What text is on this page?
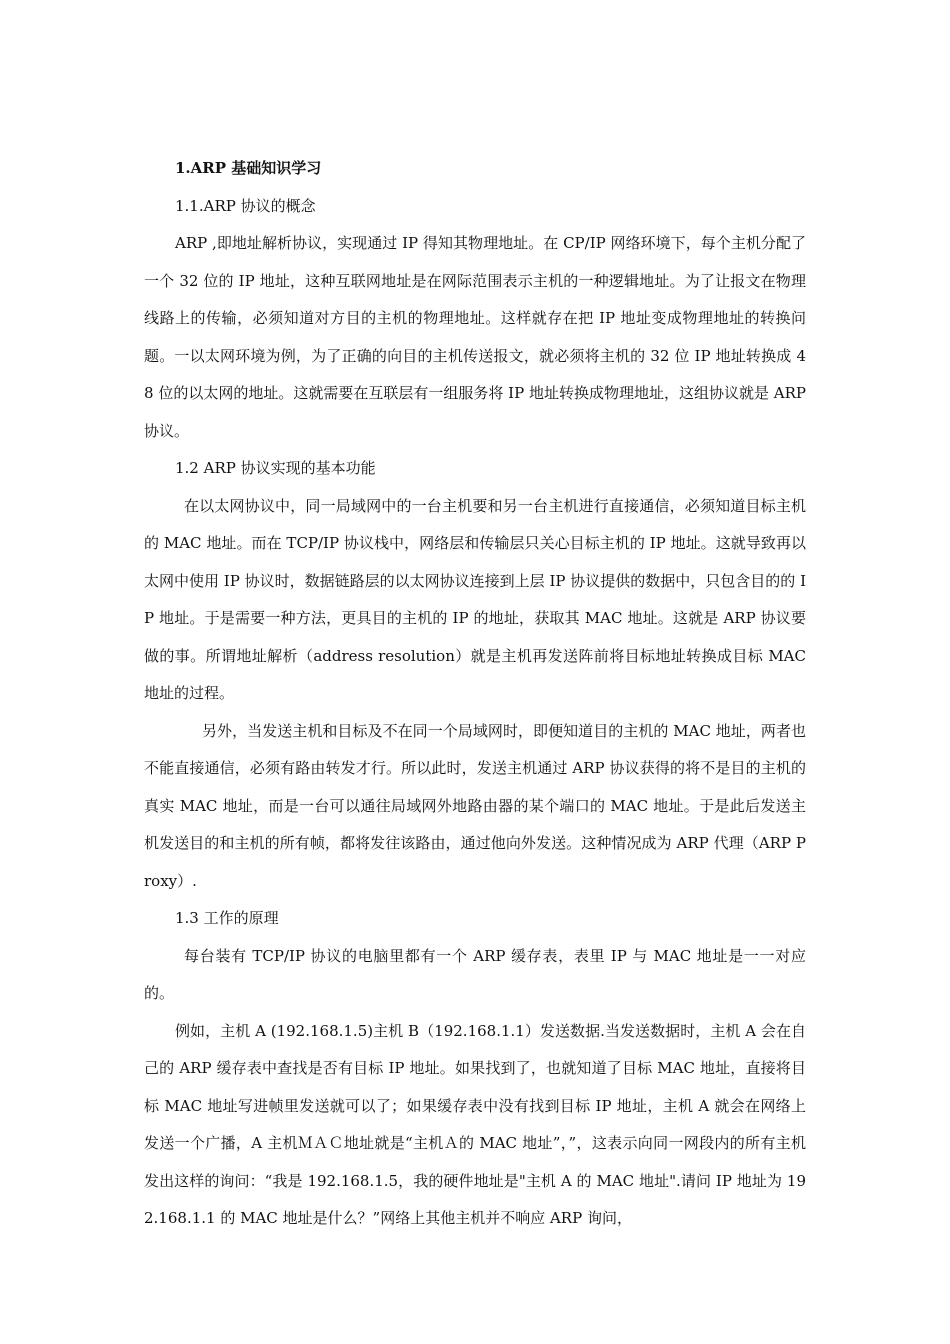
1.ARP 基础知识学习

1.1.ARP 协议的概念

ARP ,即地址解析协议，实现通过 IP 得知其物理地址。在 CP/IP 网络环境下，每个主机分配了一个 32 位的 IP 地址，这种互联网地址是在网际范围表示主机的一种逻辑地址。为了让报文在物理线路上的传输，必须知道对方目的主机的物理地址。这样就存在把 IP 地址变成物理地址的转换问题。一以太网环境为例，为了正确的向目的主机传送报文，就必须将主机的 32 位 IP 地址转换成 48 位的以太网的地址。这就需要在互联层有一组服务将 IP 地址转换成物理地址，这组协议就是 ARP 协议。

1.2 ARP 协议实现的基本功能

在以太网协议中，同一局域网中的一台主机要和另一台主机进行直接通信，必须知道目标主机的 MAC 地址。而在 TCP/IP 协议栈中，网络层和传输层只关心目标主机的 IP 地址。这就导致再以太网中使用 IP 协议时，数据链路层的以太网协议连接到上层 IP 协议提供的数据中，只包含目的的 IP 地址。于是需要一种方法，更具目的主机的 IP 的地址，获取其 MAC 地址。这就是 ARP 协议要做的事。所谓地址解析（address resolution）就是主机再发送阵前将目标地址转换成目标 MAC 地址的过程。

另外，当发送主机和目标及不在同一个局域网时，即便知道目的主机的 MAC 地址，两者也不能直接通信，必须有路由转发才行。所以此时，发送主机通过 ARP 协议获得的将不是目的主机的真实 MAC 地址，而是一台可以通往局域网外地路由器的某个端口的 MAC 地址。于是此后发送主机发送目的和主机的所有帧，都将发往该路由，通过他向外发送。这种情况成为 ARP 代理（ARP Proxy）.

1.3 工作的原理

每台装有 TCP/IP 协议的电脑里都有一个 ARP 缓存表，表里 IP 与 MAC 地址是一一对应的。

例如，主机 A (192.168.1.5)主机 B（192.168.1.1）发送数据.当发送数据时，主机 A 会在自己的 ARP 缓存表中查找是否有目标 IP 地址。如果找到了，也就知道了目标 MAC 地址，直接将目标 MAC 地址写进帧里发送就可以了；如果缓存表中没有找到目标 IP 地址，主机 A 就会在网络上发送一个广播，A 主机ＭＡＣ地址就是“主机Ａ的 MAC 地址”，”，这表示向同一网段内的所有主机发出这样的询问：“我是 192.168.1.5，我的硬件地址是"主机 A 的 MAC 地址".请问 IP 地址为 192.168.1.1 的 MAC 地址是什么？”网络上其他主机并不响应 ARP 询问，
